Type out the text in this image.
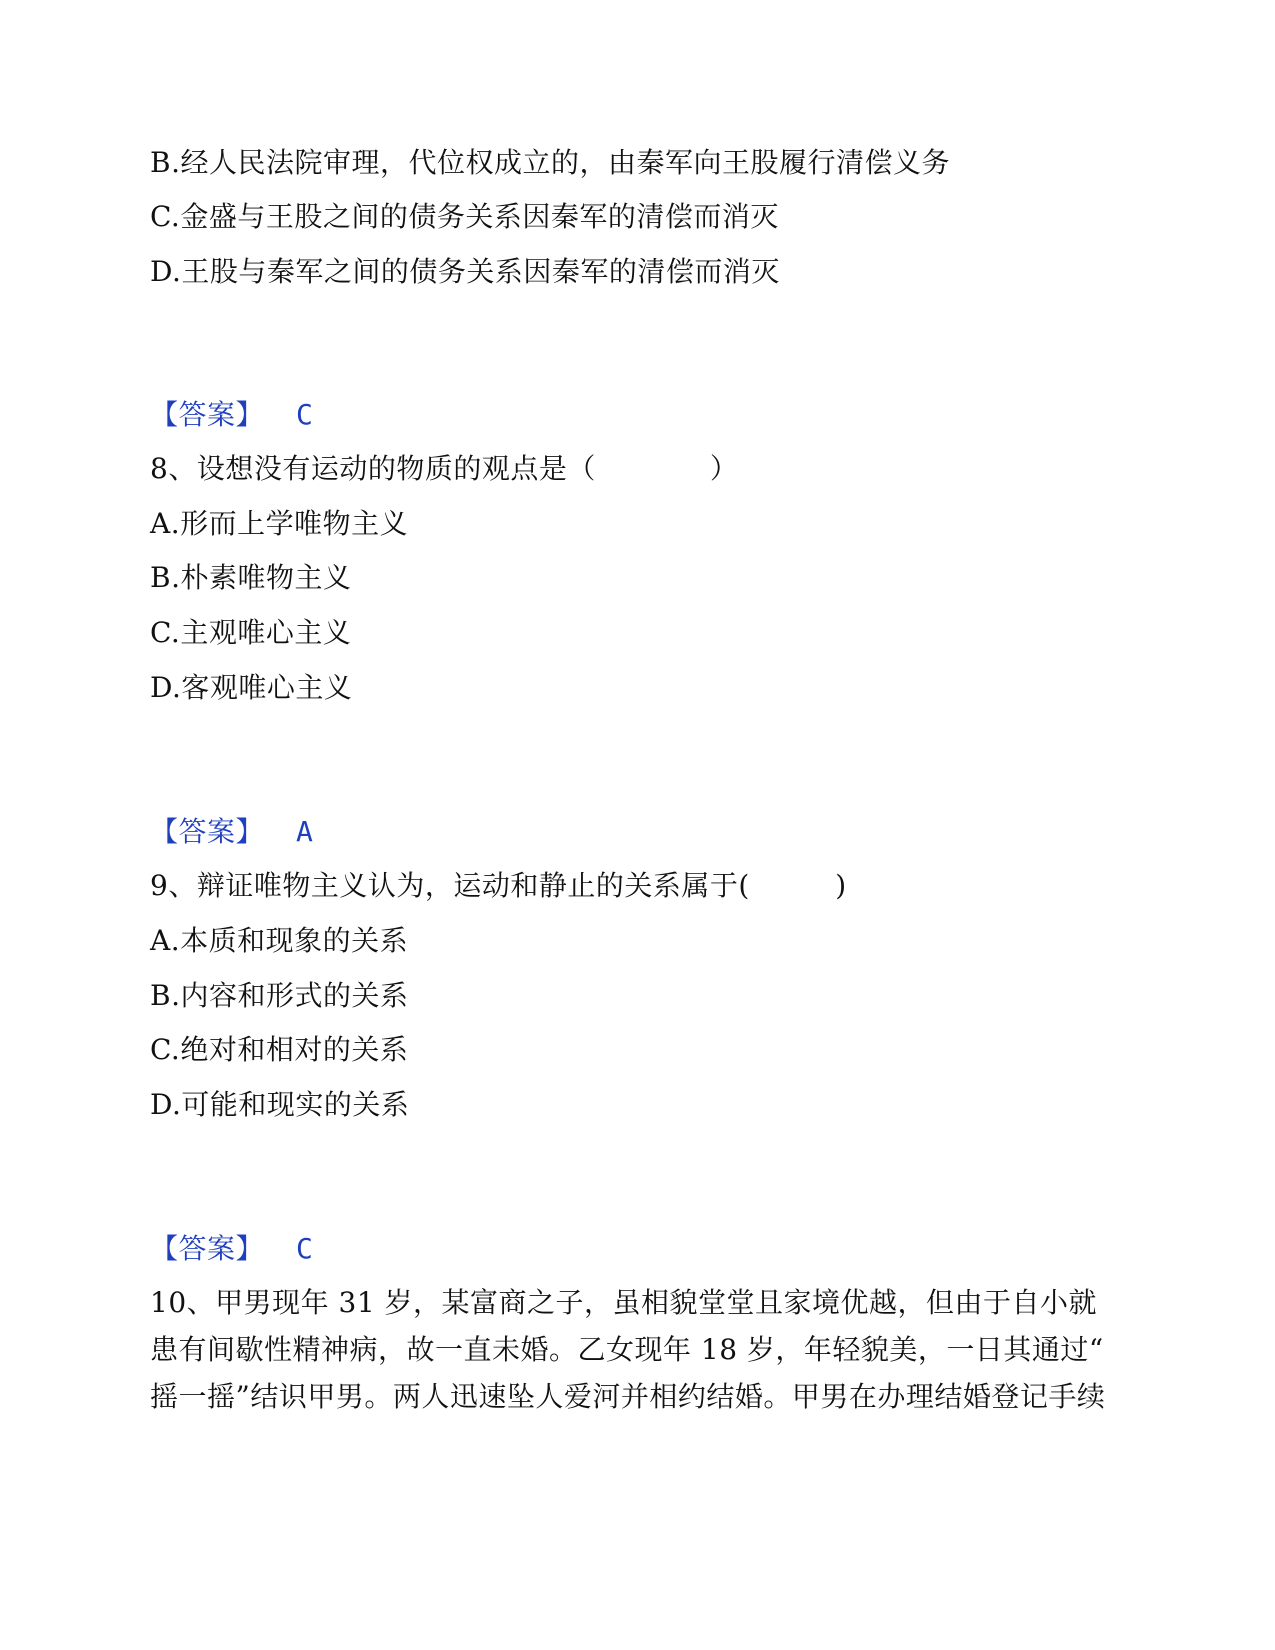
B.经人民法院审理，代位权成立的，由秦军向王股履行清偿义务
C.金盛与王股之间的债务关系因秦军的清偿而消灭
D.王股与秦军之间的债务关系因秦军的清偿而消灭
【答案】 C
8、设想没有运动的物质的观点是（　　　　）
A.形而上学唯物主义
B.朴素唯物主义
C.主观唯心主义
D.客观唯心主义
【答案】 A
9、辩证唯物主义认为，运动和静止的关系属于(　　　)
A.本质和现象的关系
B.内容和形式的关系
C.绝对和相对的关系
D.可能和现实的关系
【答案】 C
10、甲男现年 31 岁，某富商之子，虽相貌堂堂且家境优越，但由于自小就
患有间歇性精神病，故一直未婚。乙女现年 18 岁，年轻貌美，一日其通过“
摇一摇”结识甲男。两人迅速坠人爱河并相约结婚。甲男在办理结婚登记手续
